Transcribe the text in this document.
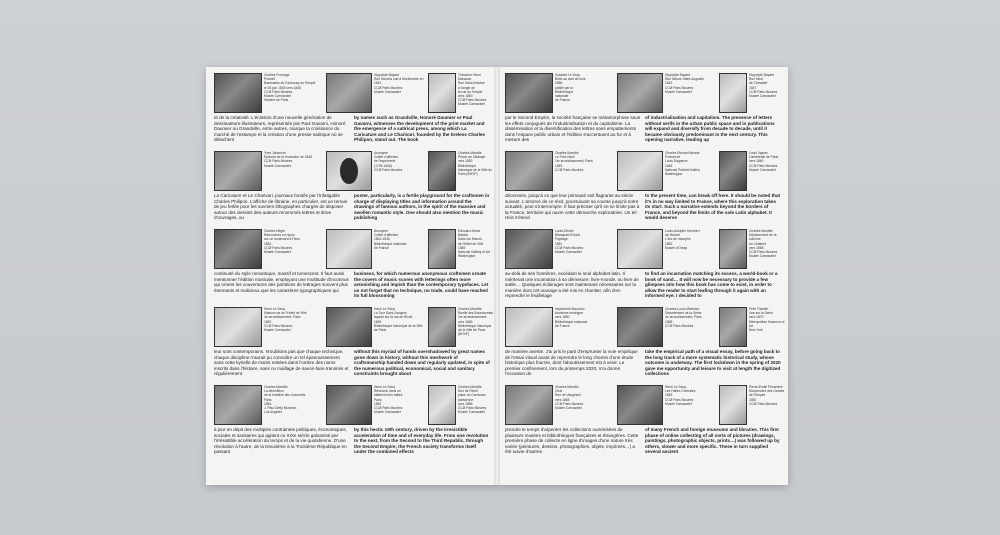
Charles Fromage
Portrait
Barricades du Faubourg du Temple
le 25 juin 1848 vers 1848
CCØ Paris Musées
Musée Carnavalet
Histoire de Paris
Hippolyte Bayard
Rue Norvins vue à Montmartre en 1842
CCØ Paris Musées
Musée Carnavalet
Théodore Henri
Mansson
Rue Saint-Antoine
à l'angle de
la rue du Temple
vers 1860
CCØ Paris Musées
Musée Carnavalet
et de la créativité. L'éclosion d'une nouvelle génération de dessinateurs-illustrateurs, représentée par Paul Gavarni, Honoré Daumier ou Grandville, entre autres, marque la croissance du marché de l'estampe et la création d'une presse satirique où se détachent
by names such as Grandville, Honoré Daumier or Paul Gavarni, witnesses the development of the print market and the emergence of a satirical press, among which La Caricature and Le Charivari, founded by the tireless Charles Philipon, stand out. The book
Yves Johannot
Épisode de la révolution de 1848
CCØ Paris Musées
Musée Carnavalet
Anonyme
Collier d'affiches
de l'imprimerie
(1795-1846)
CCØ Paris Musées
Charles Marville
Prison de l'Abbaye
vers 1852
Bibliothèque
historique de la Ville de Paris (BHVP)
La Caricature et Le Charivari, journaux fondés par l'infatigable Charles Philipon. L'affiche de librairie, en particulier, est un terrain de jeu fertile pour les ouvriers lithographes chargés de disposer autour des dessins des auteurs renommés lettres et titres d'ouvrages, ou
poster, particularly, is a fertile playground for the craftsmen in charge of displaying titles and information around the drawings of famous authors, in the spirit of the massive and swollen romantic style. One should also mention the music publishing
Charles Nègre
Ramoneurs en repos
sur un boulevard à Paris
1851
CCØ Paris Musées
Musée Carnavalet
Anonyme
Collier d'affiches
1842-1845
Bibliothèque nationale
de France
Édouard-Denis
Baldus
Salon du Manoir
de l'Hôtel de Ville
1855
National Gallery of Art
Washington
continuité du style romantique, massif et tumescent. Il faut aussi mentionner l'édition musicale, employant une multitude d'inconnus qui ornent les couvertures des partitions de lettrages souvent plus étonnants et malicieux que les caractères typographiques qui
business, for which numerous anonymous craftsmen ornate the covers of music scores with letterings often more astonishing and impish than the contemporary typefaces. Let us not forget that no technique, no trade, could have reached its full blossoming
Henri Le Secq
Maison rue de l'Hôtel de Ville
4e arrondissement, Paris
1852
CCØ Paris Musées
Musée Carnavalet
Henri Le Secq
La Tour Saint-Jacques
façade sur la rue de Rivoli
1853
Bibliothèque historique de la Ville de Paris
Charles Marville
Ruelle des Bourdonnais
1er arrondissement
vers 1865
Bibliothèque historique
de la Ville de Paris (BHVP)
leur sont contemporains. N'oublions pas que chaque technique, chaque discipline n'aurait pu connaître un tel épanouissement sans cette kyrielle de mains restées dans l'ombre des noms inscrits dans l'histoire, sans ce maillage de savoir-faire transmis et régulièrement
without this myriad of hands overshadowed by great names gone down in history, without this meshwork of craftsmanship handed down and regularly updated, in spite of the numerous political, economical, social and sanitary constraints brought about
Charles Marville
La démolition
de la fontaine des Innocents
Paris
1854
J. Paul Getty Museum
Los Angeles
Henri Le Secq
Réservoir dans un
bâtiment des halles
Paris
1852
CCØ Paris Musées
Musée Carnavalet
Charles Marville
Rue de Rivoli
place du Carrousel
parisienne
vers 1865
CCØ Paris Musées
Musée Carnavalet
à jour en dépit des multiples contraintes politiques, économiques, sociales et sanitaires qui agitent ce XIXe siècle galvanisé par l'irrésistible accélération du temps et de la vie quotidienne. D'une révolution à l'autre, de la Deuxième à la Troisième République en passant
by this hectic 19th century, driven by the irresistible acceleration of time and of everyday life. From one revolution to the next, from the Second to the Third Republic, through the Second Empire, the French society transforms itself under the combined effects
Gustave Le Gray
Brick au clair de lune
1856
publié par la
Bibliothèque
nationale
de France
Hippolyte Bayard
Rue Neuve-Saint-Augustin
1842
CCØ Paris Musées
Musée Carnavalet
Hippolyte Bayard
Rue Neuf
de Chevalier
1847
CCØ Paris Musées
Musée Carnavalet
par le Second Empire, la société française se métamorphose sous les effets conjugués de l'industrialisation et du capitalisme. La dissémination et la diversification des lettres sans empattements dans l'espace public urbain et l'édition s'accentuent au fur et à mesure des
of industrialisation and capitalism. The presence of letters without serifs in the urban public space and in publications will expand and diversify from decade to decade, until it became obviously predominant in the next century. This opening narrative, leading up
Charles Marville
Le Pont-Neuf
1er arrondissement, Paris
1853
CCØ Paris Musées
Charles Richard Meade
Portrait de
Louis Daguerre
1848
National Portrait Gallery
Washington
Louis Vignes
Cathédrale de Paris
vers 1860
CCØ Paris Musées
Musée Carnavalet
décennies, jusqu'à ce que leur primauté soit flagrante au siècle suivant. L'amorce de ce récit, poursuivant sa course jusqu'à notre actualité, peut s'interrompre. Il faut préciser qu'il ne se limite pas à la France, territoire qui ouvre cette démarche exploratoire. Un tel récit s'étend
to the present time, can break off here. It should be noted that it's in no way limited to France, where this exploration takes its start. Such a narrative extends beyond the borders of France, and beyond the limits of the sole Latin alphabet. It would deserve
Louis-Désiré
Blanquart-Evrard
Paysage
1851
CCØ Paris Musées
Musée Carnavalet
Louis-Adolphe Humbert
de Molard
L'Arc de triomphe
1852
Musée d'Orsay
Charles Marville
Déplacement de la colonne
du Châtelet
vers 1858
CCØ Paris Musées
Musée Carnavalet
au-delà de ses frontières, excédant le seul alphabet latin. Il mériterait une incarnation à sa démesure, livre-monde, ou livre de sable… Quelques éclairages sont maintenant nécessaires sur la manière dont cet ouvrage a été mis en chantier, afin d'en reprendre le feuilletage
to find an incarnation matching its excess, a world-book or a book of sand… It will now be necessary to provide a few glimpses into how this book has come to exist, in order to allow the reader to start leafing through it again with an informed eye. I decided to
Imprimerie Bouchon
Ancienne enseigne
vers 1850
Bibliothèque nationale
de France
Charles-Louis Michelez
Département de la Seine
4e arrondissement, Paris
1858
CCØ Paris Musées
Félix Thiollier
Vue sur la Seine
vers 1870
Metropolitan Museum of Art
New York
de manière avertie. J'ai pris le parti d'emprunter la voie empirique de l'essai visuel avant de reprendre le long chemin d'une étude historique plus fournie, dont l'aboutissement est à venir. Le premier confinement, lors du printemps 2020, m'a donné l'occasion de
take the empirical path of a visual essay, before going back to the long track of a more systematic historical study, whose outcome is underway. The first lockdown in the spring of 2020 gave me opportunity and leisure to visit at length the digitized collections
Charles Marville
Chat
Rue de Vaugirard
vers 1865
CCØ Paris Musées
Musée Carnavalet
Henri Le Secq
Les Halles Centrales
1853
CCØ Paris Musées
Musée Carnavalet
Pierre-Émile Pécarrère
Mouvement des Gardes de l'Empire
1850
CCØ Paris Musées
prendre le temps d'arpenter les collections numérisées de plusieurs musées et bibliothèques françaises et étrangères. Cette première phase de collecte en ligne d'images d'une nature très variée (peintures, dessins, photographies, objets, imprimés…) a été suivie d'autres
of many French and foreign museums and libraries. This first phase of online collecting of all sorts of pictures (drawings, paintings, photographic objects, prints…) was followed up by others, slower and more specific. These in turn supplied several ancient
